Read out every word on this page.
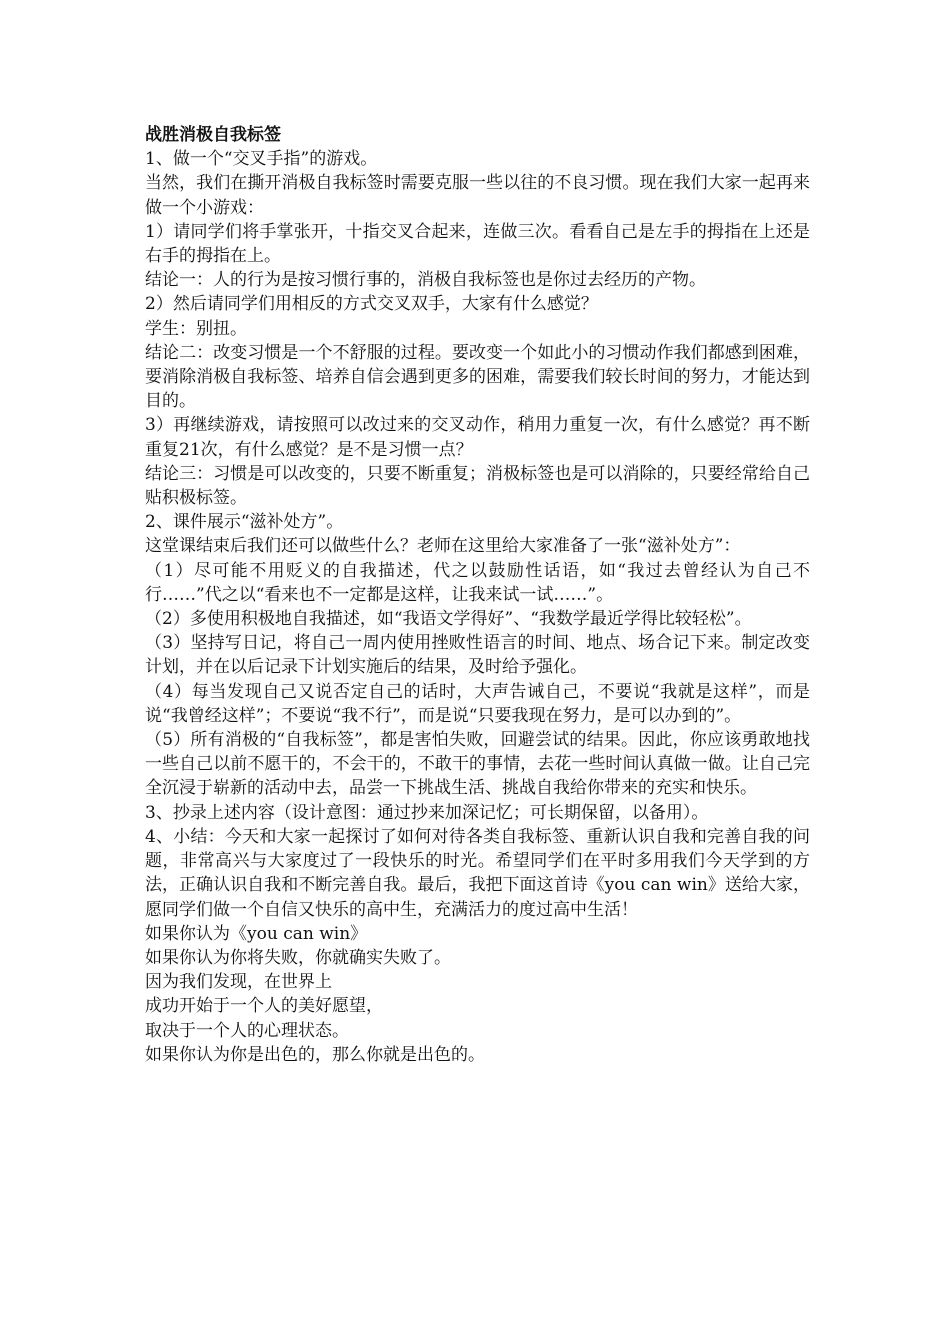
战胜消极自我标签
1、做一个“交叉手指”的游戏。
当然，我们在撕开消极自我标签时需要克服一些以往的不良习惯。现在我们大家一起再来做一个小游戏：
1）请同学们将手掌张开，十指交叉合起来，连做三次。看看自己是左手的拇指在上还是右手的拇指在上。
结论一：人的行为是按习惯行事的，消极自我标签也是你过去经历的产物。
2）然后请同学们用相反的方式交叉双手，大家有什么感觉？
学生：别扭。
结论二：改变习惯是一个不舒服的过程。要改变一个如此小的习惯动作我们都感到困难，要消除消极自我标签、培养自信会遇到更多的困难，需要我们较长时间的努力，才能达到目的。
3）再继续游戏，请按照可以改过来的交叉动作，稍用力重复一次，有什么感觉？再不断重复21次，有什么感觉？是不是习惯一点？
结论三：习惯是可以改变的，只要不断重复；消极标签也是可以消除的，只要经常给自己贴积极标签。
2、课件展示“滋补处方”。
这堂课结束后我们还可以做些什么？老师在这里给大家准备了一张“滋补处方”：
（1）尽可能不用贬义的自我描述，代之以鼓励性话语，如“我过去曾经认为自己不行……”代之以“看来也不一定都是这样，让我来试一试……”。
（2）多使用积极地自我描述，如“我语文学得好”、“我数学最近学得比较轻松”。
（3）坚持写日记，将自己一周内使用挫败性语言的时间、地点、场合记下来。制定改变计划，并在以后记录下计划实施后的结果，及时给予强化。
（4）每当发现自己又说否定自己的话时，大声告诫自己，不要说“我就是这样”，而是说“我曾经这样”；不要说“我不行”，而是说“只要我现在努力，是可以办到的”。
（5）所有消极的“自我标签”，都是害怕失败，回避尝试的结果。因此，你应该勇敢地找一些自己以前不愿干的，不会干的，不敢干的事情，去花一些时间认真做一做。让自己完全沉浸于崭新的活动中去，品尝一下挑战生活、挑战自我给你带来的充实和快乐。
3、抄录上述内容（设计意图：通过抄来加深记忆；可长期保留，以备用）。
4、小结：今天和大家一起探讨了如何对待各类自我标签、重新认识自我和完善自我的问题，非常高兴与大家度过了一段快乐的时光。希望同学们在平时多用我们今天学到的方法，正确认识自我和不断完善自我。最后，我把下面这首诗《you can win》送给大家，愿同学们做一个自信又快乐的高中生，充满活力的度过高中生活！
如果你认为《you can win》
如果你认为你将失败，你就确实失败了。
因为我们发现，在世界上
成功开始于一个人的美好愿望，
取决于一个人的心理状态。
如果你认为你是出色的，那么你就是出色的。
